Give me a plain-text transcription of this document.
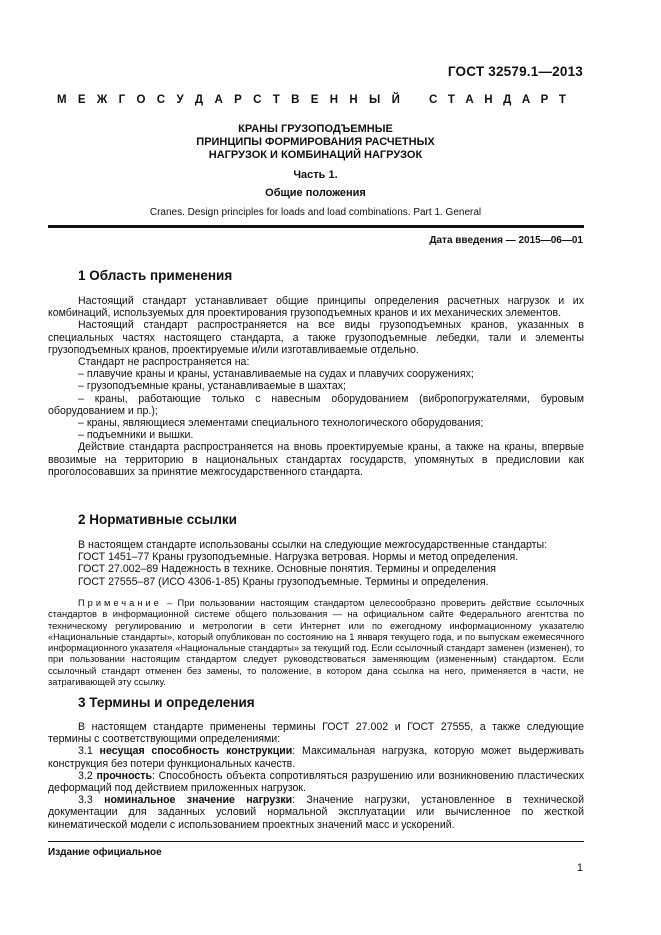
ГОСТ 32579.1—2013
М Е Ж Г О С У Д А Р С Т В Е Н Н Ы Й	С Т А Н Д А Р Т
КРАНЫ ГРУЗОПОДЪЕМНЫЕ
ПРИНЦИПЫ ФОРМИРОВАНИЯ РАСЧЕТНЫХ
НАГРУЗОК И КОМБИНАЦИЙ НАГРУЗОК
Часть 1.
Общие положения
Cranes. Design principles for loads and load combinations. Part 1. General
Дата введения — 2015—06—01
1 Область применения

Настоящий стандарт устанавливает общие принципы определения расчетных нагрузок и их комбинаций, используемых для проектирования грузоподъемных кранов и их механических элементов.

Настоящий стандарт распространяется на все виды грузоподъемных кранов, указанных в специальных частях настоящего стандарта, а также грузоподъемные лебедки, тали и элементы грузоподъемных кранов, проектируемые и/или изготавливаемые отдельно.

Стандарт не распространяется на:

– плавучие краны и краны, устанавливаемые на судах и плавучих сооружениях;

– грузоподъемные краны, устанавливаемые в шахтах;

– краны, работающие только с навесным оборудованием (вибропогружателями, буровым оборудованием и пр.);

– краны, являющиеся элементами специального технологического оборудования;

– подъемники и вышки.

Действие стандарта распространяется на вновь проектируемые краны, а также на краны, впервые ввозимые на территорию в национальных стандартах государств, упомянутых в предисловии как проголосовавших за принятие межгосударственного стандарта.

2 Нормативные ссылки

В настоящем стандарте использованы ссылки на следующие межгосударственные стандарты:

ГОСТ 1451–77 Краны грузоподъемные. Нагрузка ветровая. Нормы и метод определения.

ГОСТ 27.002–89 Надежность в технике. Основные понятия. Термины и определения

ГОСТ 27555–87 (ИСО 4306-1-85) Краны грузоподъемные. Термины и определения.

Примечание – При пользовании настоящим стандартом целесообразно проверить действие ссылочных стандартов в информационной системе общего пользования — на официальном сайте Федерального агентства по техническому регулированию и метрологии в сети Интернет или по ежегодному информационному указателю «Национальные стандарты», который опубликован по состоянию на 1 января текущего года, и по выпускам ежемесячного информационного указателя «Национальные стандарты» за текущий год. Если ссылочный стандарт заменен (изменен), то при пользовании настоящим стандартом следует руководствоваться заменяющим (измененным) стандартом. Если ссылочный стандарт отменен без замены, то положение, в котором дана ссылка на него, применяется в части, не затрагивающей эту ссылку.

3 Термины и определения

В настоящем стандарте применены термины ГОСТ 27.002 и ГОСТ 27555, а также следующие термины с соответствующими определениями:

3.1 несущая способность конструкции: Максимальная нагрузка, которую может выдерживать конструкция без потери функциональных качеств.

3.2 прочность: Способность объекта сопротивляться разрушению или возникновению пластических деформаций под действием приложенных нагрузок.

3.3 номинальное значение нагрузки: Значение нагрузки, установленное в технической документации для заданных условий нормальной эксплуатации или вычисленное по жесткой кинематической модели с использованием проектных значений масс и ускорений.

Издание официальное
1
